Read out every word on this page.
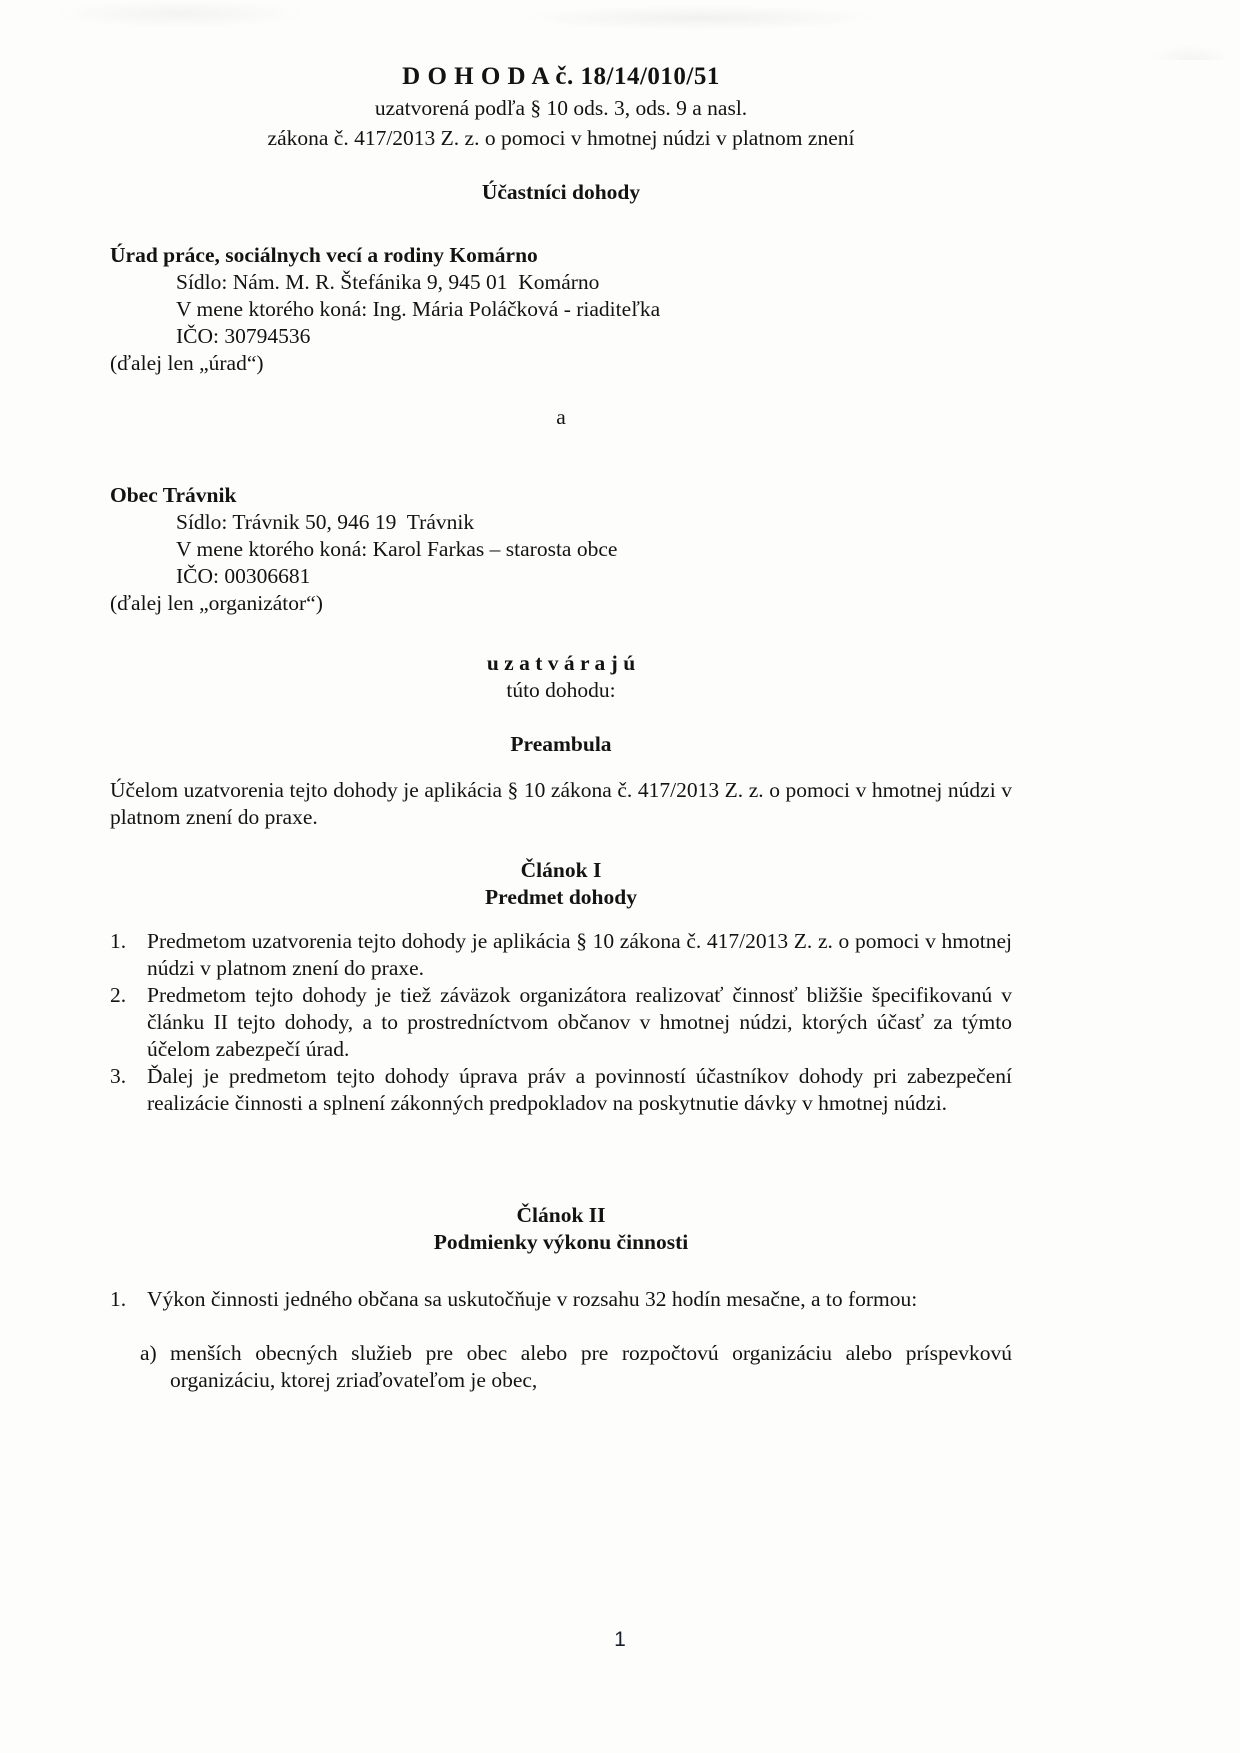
D O H O D A č. 18/14/010/51
uzatvorená podľa § 10 ods. 3, ods. 9 a nasl.
zákona č. 417/2013 Z. z. o pomoci v hmotnej núdzi v platnom znení
Účastníci dohody
Úrad práce, sociálnych vecí a rodiny Komárno
Sídlo: Nám. M. R. Štefánika 9, 945 01  Komárno
V mene ktorého koná: Ing. Mária Poláčková - riaditeľka
IČO: 30794536
(ďalej len „úrad“)
a
Obec Trávnik
Sídlo: Trávnik 50, 946 19  Trávnik
V mene ktorého koná: Karol Farkas – starosta obce
IČO: 00306681
(ďalej len „organizátor“)
u z a t v á r a j ú
túto dohodu:
Preambula
Účelom uzatvorenia tejto dohody je aplikácia § 10 zákona č. 417/2013 Z. z. o pomoci v hmotnej núdzi v platnom znení do praxe.
Článok I
Predmet dohody
1. Predmetom uzatvorenia tejto dohody je aplikácia § 10 zákona č. 417/2013 Z. z. o pomoci v hmotnej núdzi v platnom znení do praxe.
2. Predmetom tejto dohody je tiež záväzok organizátora realizovať činnosť bližšie špecifikovanú v článku II tejto dohody, a to prostredníctvom občanov v hmotnej núdzi, ktorých účasť za týmto účelom zabezpečí úrad.
3. Ďalej je predmetom tejto dohody úprava práv a povinností účastníkov dohody pri zabezpečení realizácie činnosti a splnení zákonných predpokladov na poskytnutie dávky v hmotnej núdzi.
Článok II
Podmienky výkonu činnosti
1. Výkon činnosti jedného občana sa uskutočňuje v rozsahu 32 hodín mesačne, a to formou:
a) menších obecných služieb pre obec alebo pre rozpočtovú organizáciu alebo príspevkovú organizáciu, ktorej zriaďovateľom je obec,
1
